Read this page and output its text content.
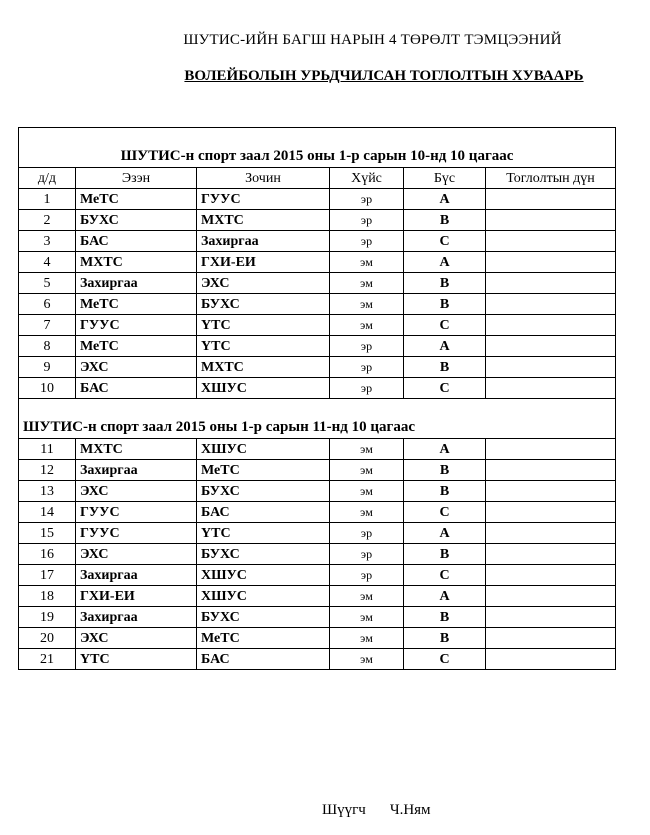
ШУТИС-ИЙН БАГШ НАРЫН 4 ТӨРӨЛТ ТЭМЦЭЭНИЙ
ВОЛЕЙБОЛЫН УРЬДЧИЛСАН ТОГЛОЛТЫН ХУВААРЬ
ШУТИС-н спорт заал 2015 оны 1-р сарын 10-нд 10 цагаас					
д/д	Эзэн	Зочин	Хүйс	Бүс	Тоглолтын дүн
1	МеТС	ГУУС	эр	А	
2	БУХС	МХТС	эр	В	
3	БАС	Захиргаа	эр	С	
4	МХТС	ГХИ-ЕИ	эм	А	
5	Захиргаа	ЭХС	эм	В	
6	МеТС	БУХС	эм	В	
7	ГУУС	ҮТС	эм	С	
8	МеТС	ҮТС	эр	А	
9	ЭХС	МХТС	эр	В	
10	БАС	ХШУС	эр	С	
ШУТИС-н спорт заал 2015 оны 1-р сарын 11-нд 10 цагаас					
11	МХТС	ХШУС	эм	А	
12	Захиргаа	МеТС	эм	В	
13	ЭХС	БУХС	эм	В	
14	ГУУС	БАС	эм	С	
15	ГУУС	ҮТС	эр	А	
16	ЭХС	БУХС	эр	В	
17	Захиргаа	ХШУС	эр	С	
18	ГХИ-ЕИ	ХШУС	эм	А	
19	Захиргаа	БУХС	эм	В	
20	ЭХС	МеТС	эм	В	
21	ҮТС	БАС	эм	С	
Шүүгч Ч.Ням
